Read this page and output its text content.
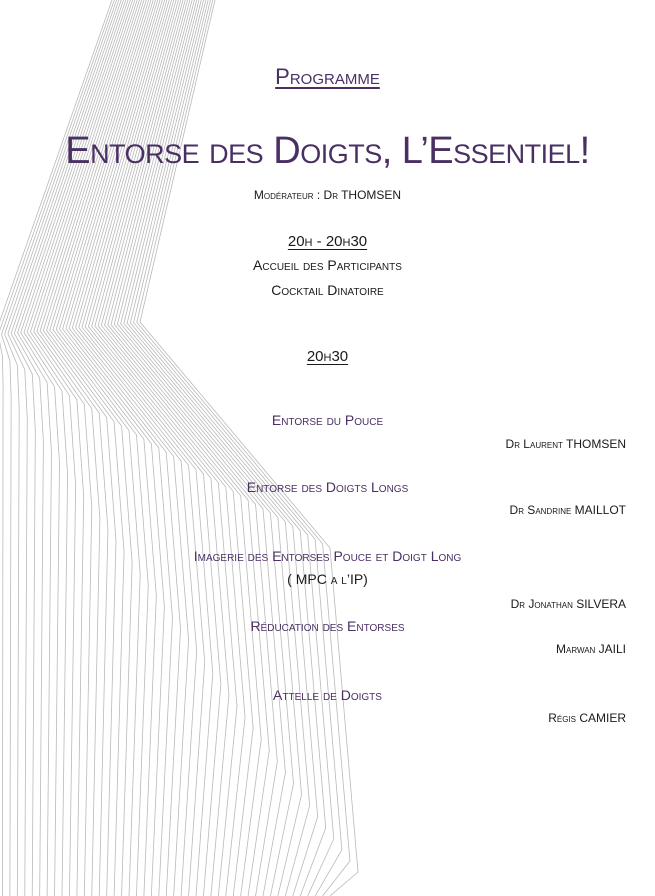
Programme
Entorse des Doigts, L’Essentiel!
Modérateur : Dr THOMSEN
20h - 20h30
Accueil des Participants
Cocktail Dinatoire
20h30
Entorse du Pouce
Dr Laurent THOMSEN
Entorse des Doigts Longs
Dr Sandrine MAILLOT
Imagerie des Entorses Pouce et Doigt Long
( MPC a l’IP)
Dr Jonathan SILVERA
Réducation des Entorses
Marwan JAILI
Attelle de Doigts
Régis CAMIER
